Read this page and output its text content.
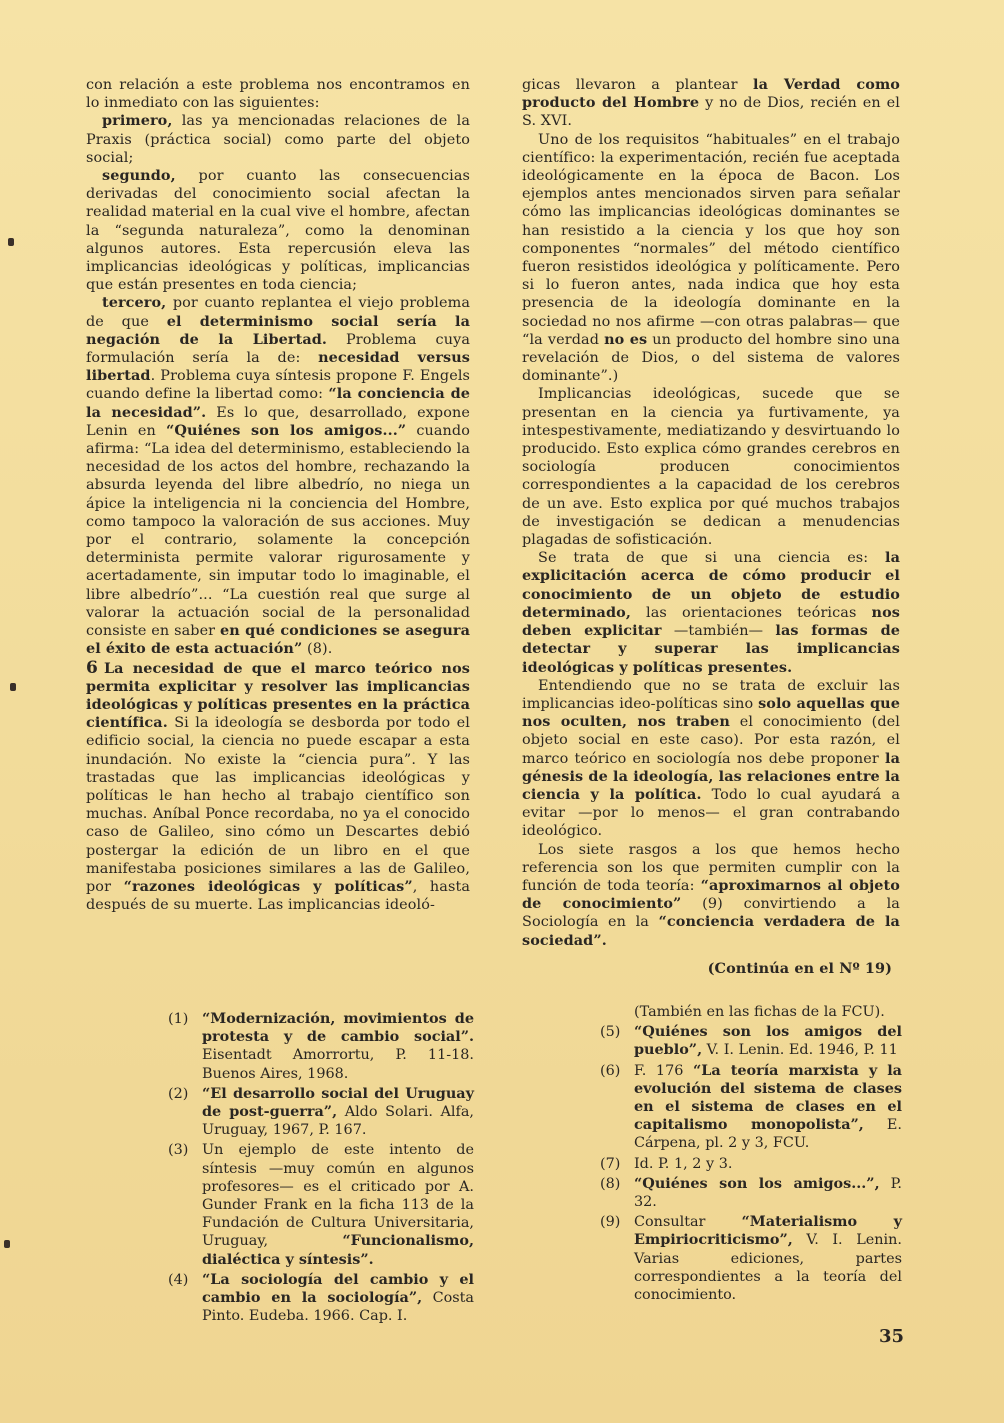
con relación a este problema nos encontramos en lo inmediato con las siguientes:

primero, las ya mencionadas relaciones de la Praxis (práctica social) como parte del objeto social;

segundo, por cuanto las consecuencias derivadas del conocimiento social afectan la realidad material en la cual vive el hombre, afectan la “segunda naturaleza”, como la denominan algunos autores. Esta repercusión eleva las implicancias ideológicas y políticas, implicancias que están presentes en toda ciencia;

tercero, por cuanto replantea el viejo problema de que el determinismo social sería la negación de la Libertad. Problema cuya formulación sería la de: necesidad versus libertad. Problema cuya síntesis propone F. Engels cuando define la libertad como: “la conciencia de la necesidad”. Es lo que, desarrollado, expone Lenin en “Quiénes son los amigos...” cuando afirma: “La idea del determinismo, estableciendo la necesidad de los actos del hombre, rechazando la absurda leyenda del libre albedrío, no niega un ápice la inteligencia ni la conciencia del Hombre, como tampoco la valoración de sus acciones. Muy por el contrario, solamente la concepción determinista permite valorar rigurosamente y acertadamente, sin imputar todo lo imaginable, el libre albedrío”... “La cuestión real que surge al valorar la actuación social de la personalidad consiste en saber en qué condiciones se asegura el éxito de esta actuación” (8).

6 La necesidad de que el marco teórico nos permita explicitar y resolver las implicancias ideológicas y políticas presentes en la práctica científica. Si la ideología se desborda por todo el edificio social, la ciencia no puede escapar a esta inundación. No existe la “ciencia pura”. Y las trastadas que las implicancias ideológicas y políticas le han hecho al trabajo científico son muchas. Aníbal Ponce recordaba, no ya el conocido caso de Galileo, sino cómo un Descartes debió postergar la edición de un libro en el que manifestaba posiciones similares a las de Galileo, por “razones ideológicas y políticas”, hasta después de su muerte. Las implicancias ideoló-

gicas llevaron a plantear la Verdad como producto del Hombre y no de Dios, recién en el S. XVI.

Uno de los requisitos “habituales” en el trabajo científico: la experimentación, recién fue aceptada ideológicamente en la época de Bacon. Los ejemplos antes mencionados sirven para señalar cómo las implicancias ideológicas dominantes se han resistido a la ciencia y los que hoy son componentes “normales” del método científico fueron resistidos ideológica y políticamente. Pero si lo fueron antes, nada indica que hoy esta presencia de la ideología dominante en la sociedad no nos afirme —con otras palabras— que “la verdad no es un producto del hombre sino una revelación de Dios, o del sistema de valores dominante”.)

Implicancias ideológicas, sucede que se presentan en la ciencia ya furtivamente, ya intespestivamente, mediatizando y desvirtuando lo producido. Esto explica cómo grandes cerebros en sociología producen conocimientos correspondientes a la capacidad de los cerebros de un ave. Esto explica por qué muchos trabajos de investigación se dedican a menudencias plagadas de sofisticación.

Se trata de que si una ciencia es: la explicitación acerca de cómo producir el conocimiento de un objeto de estudio determinado, las orientaciones teóricas nos deben explicitar —también— las formas de detectar y superar las implicancias ideológicas y políticas presentes.

Entendiendo que no se trata de excluir las implicancias ideo-políticas sino solo aquellas que nos oculten, nos traben el conocimiento (del objeto social en este caso). Por esta razón, el marco teórico en sociología nos debe proponer la génesis de la ideología, las relaciones entre la ciencia y la política. Todo lo cual ayudará a evitar —por lo menos— el gran contrabando ideológico.

Los siete rasgos a los que hemos hecho referencia son los que permiten cumplir con la función de toda teoría: “aproximarnos al objeto de conocimiento” (9) convirtiendo a la Sociología en la “conciencia verdadera de la sociedad”.

(Continúa en el Nº 19)

(1) “Modernización, movimientos de protesta y de cambio social”. Eisentadt Amorrortu, P. 11-18. Buenos Aires, 1968.

(2) “El desarrollo social del Uruguay de post-guerra”, Aldo Solari. Alfa, Uruguay, 1967, P. 167.

(3) Un ejemplo de este intento de síntesis —muy común en algunos profesores— es el criticado por A. Gunder Frank en la ficha 113 de la Fundación de Cultura Universitaria, Uruguay, “Funcionalismo, dialéctica y síntesis”.

(4) “La sociología del cambio y el cambio en la sociología”, Costa Pinto. Eudeba. 1966. Cap. I.

(También en las fichas de la FCU).

(5) “Quiénes son los amigos del pueblo”, V. I. Lenin. Ed. 1946, P. 11

(6) F. 176 “La teoría marxista y la evolución del sistema de clases en el sistema de clases en el capitalismo monopolista”, E. Cárpena, pl. 2 y 3, FCU.

(7) Id. P. 1, 2 y 3.

(8) “Quiénes son los amigos...”, P. 32.

(9) Consultar “Materialismo y Empiriocriticismo”, V. I. Lenin. Varias ediciones, partes correspondientes a la teoría del conocimiento.

35
